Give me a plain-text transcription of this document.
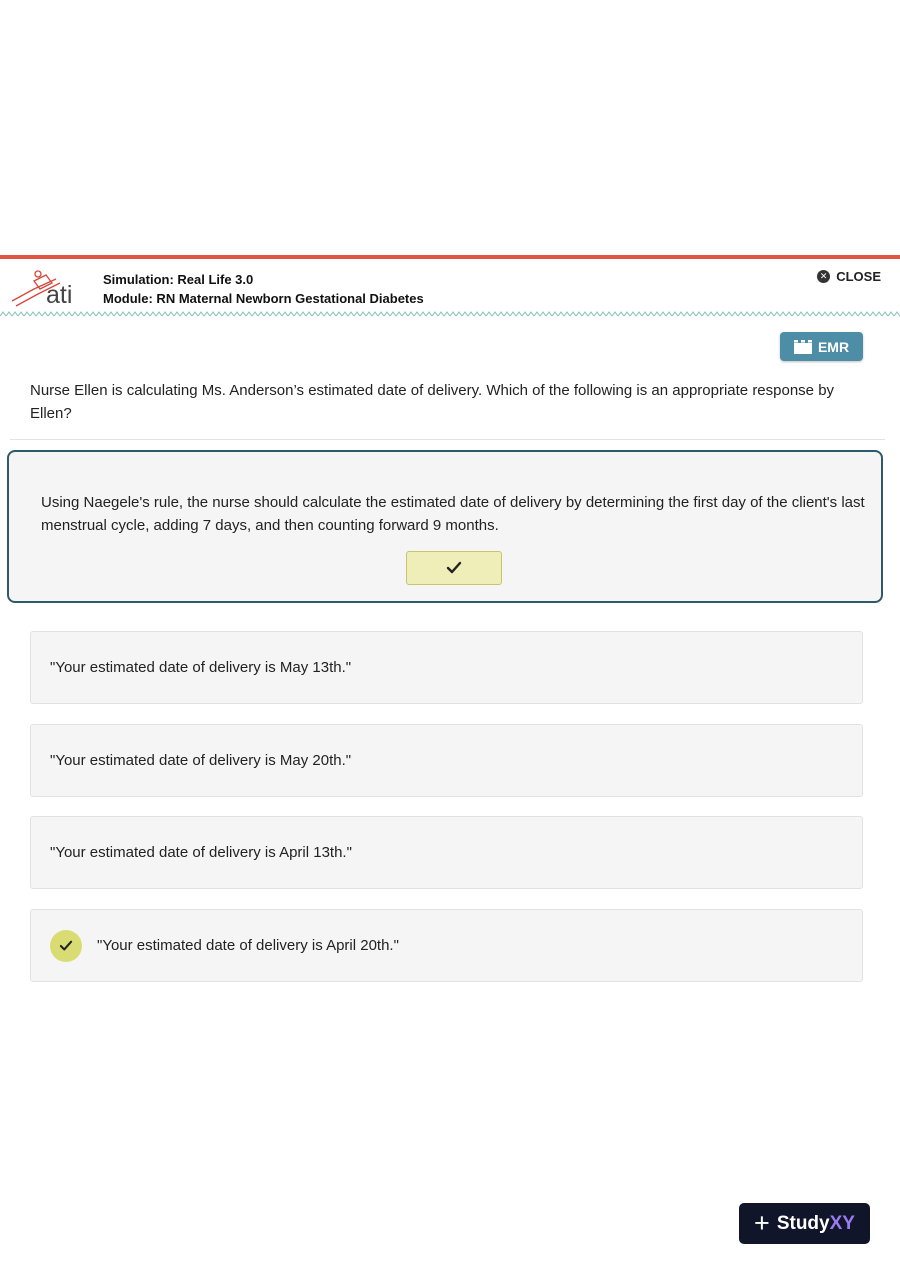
ati
Simulation: Real Life 3.0
Module: RN Maternal Newborn Gestational Diabetes
✕ CLOSE
EMR
Nurse Ellen is calculating Ms. Anderson’s estimated date of delivery. Which of the following is an appropriate response by Ellen?
Using Naegele's rule, the nurse should calculate the estimated date of delivery by determining the first day of the client's last menstrual cycle, adding 7 days, and then counting forward 9 months.
"Your estimated date of delivery is May 13th."
"Your estimated date of delivery is May 20th."
"Your estimated date of delivery is April 13th."
"Your estimated date of delivery is April 20th."
+ Study XY
